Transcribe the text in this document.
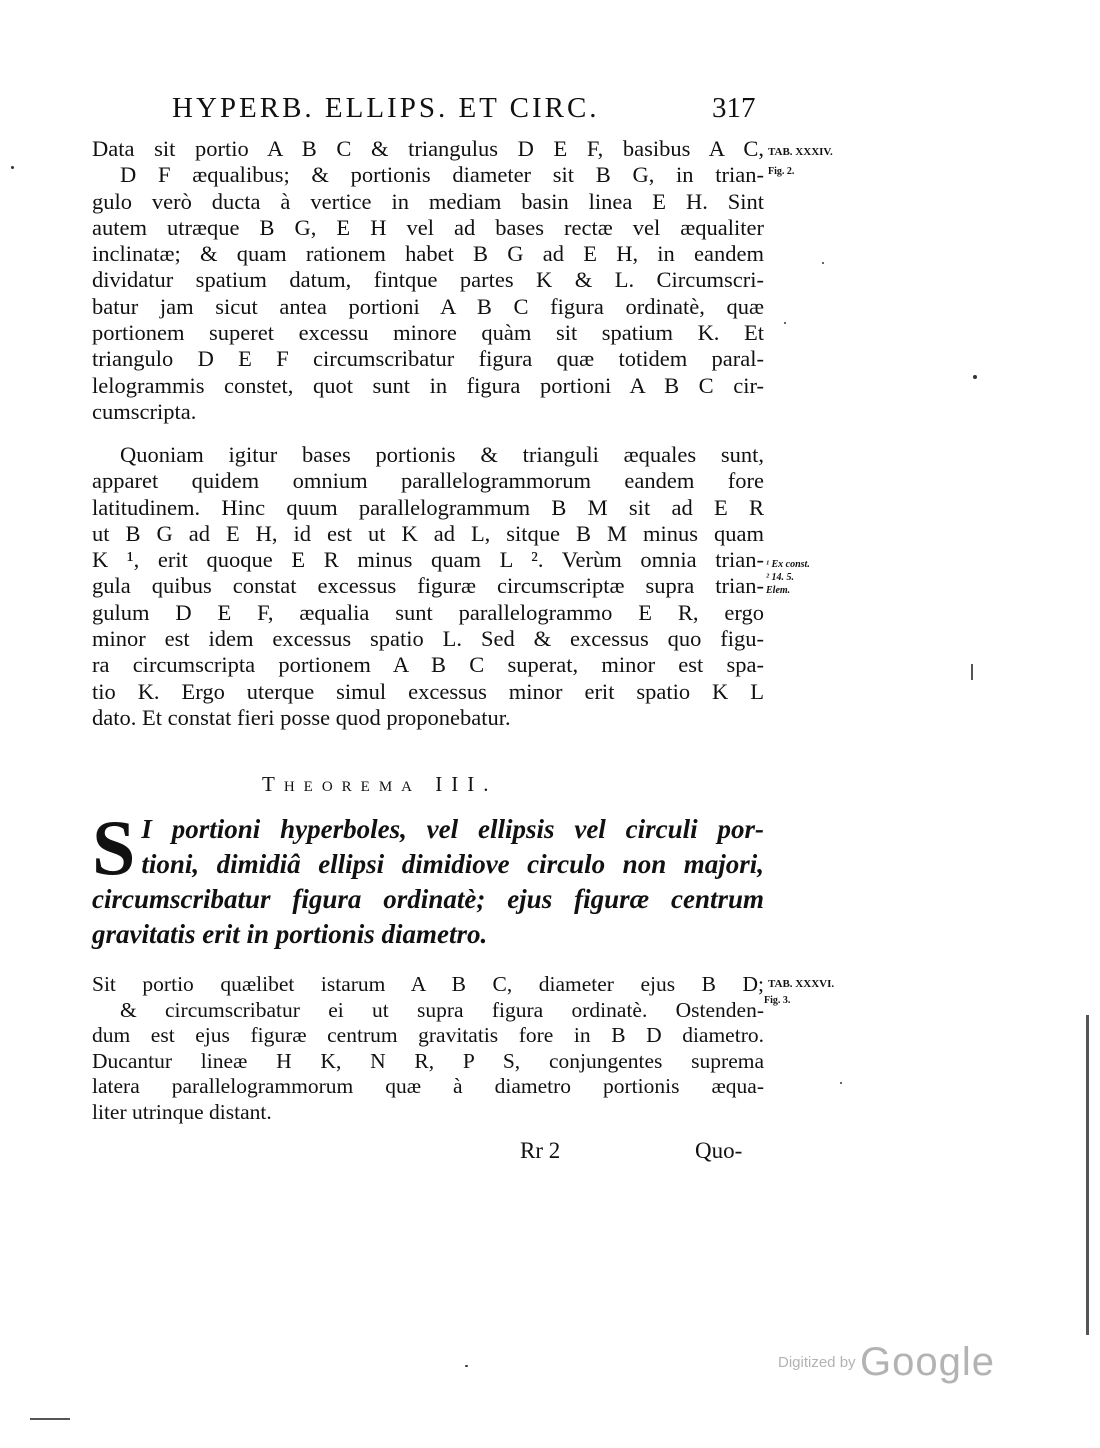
HYPERB. ELLIPS. ET CIRC.	317
TAB. XXXIV.
Fig. 2.
¹ Ex const.
² 14. 5.
Elem.
TAB. XXXVI.
Fig. 3.

Data sit portio A B C & triangulus D E F, basibus A C,

D F æqualibus; & portionis diameter sit B G, in trian-

gulo verò ducta à vertice in mediam basin linea E H. Sint

autem utræque B G, E H vel ad bases rectæ vel æqualiter

inclinatæ; & quam rationem habet B G ad E H, in eandem

dividatur spatium datum, fintque partes K & L. Circumscri-

batur jam sicut antea portioni A B C figura ordinatè, quæ

portionem superet excessu minore quàm sit spatium K. Et

triangulo D E F circumscribatur figura quæ totidem paral-

lelogrammis constet, quot sunt in figura portioni A B C cir-

cumscripta.

Quoniam igitur bases portionis & trianguli æquales sunt,

apparet quidem omnium parallelogrammorum eandem fore

latitudinem. Hinc quum parallelogrammum B M sit ad E R

ut B G ad E H, id est ut K ad L, sitque B M minus quam

K ¹, erit quoque E R minus quam L ². Verùm omnia trian-

gula quibus constat excessus figuræ circumscriptæ supra trian-

gulum D E F, æqualia sunt parallelogrammo E R, ergo

minor est idem excessus spatio L. Sed & excessus quo figu-

ra circumscripta portionem A B C superat, minor est spa-

tio K. Ergo uterque simul excessus minor erit spatio K L

dato. Et constat fieri posse quod proponebatur.

Theorema III.
S I portioni hyperboles, vel ellipsis vel circuli por-

tioni, dimidiâ ellipsi dimidiove circulo non majori,

circumscribatur figura ordinatè; ejus figuræ centrum

gravitatis erit in portionis diametro.

Sit portio quælibet istarum A B C, diameter ejus B D;

& circumscribatur ei ut supra figura ordinatè. Ostenden-

dum est ejus figuræ centrum gravitatis fore in B D diametro.

Ducantur lineæ H K, N R, P S, conjungentes suprema

latera parallelogrammorum quæ à diametro portionis æqua-

liter utrinque distant.

Rr 2	Quo-
Digitized by Google
